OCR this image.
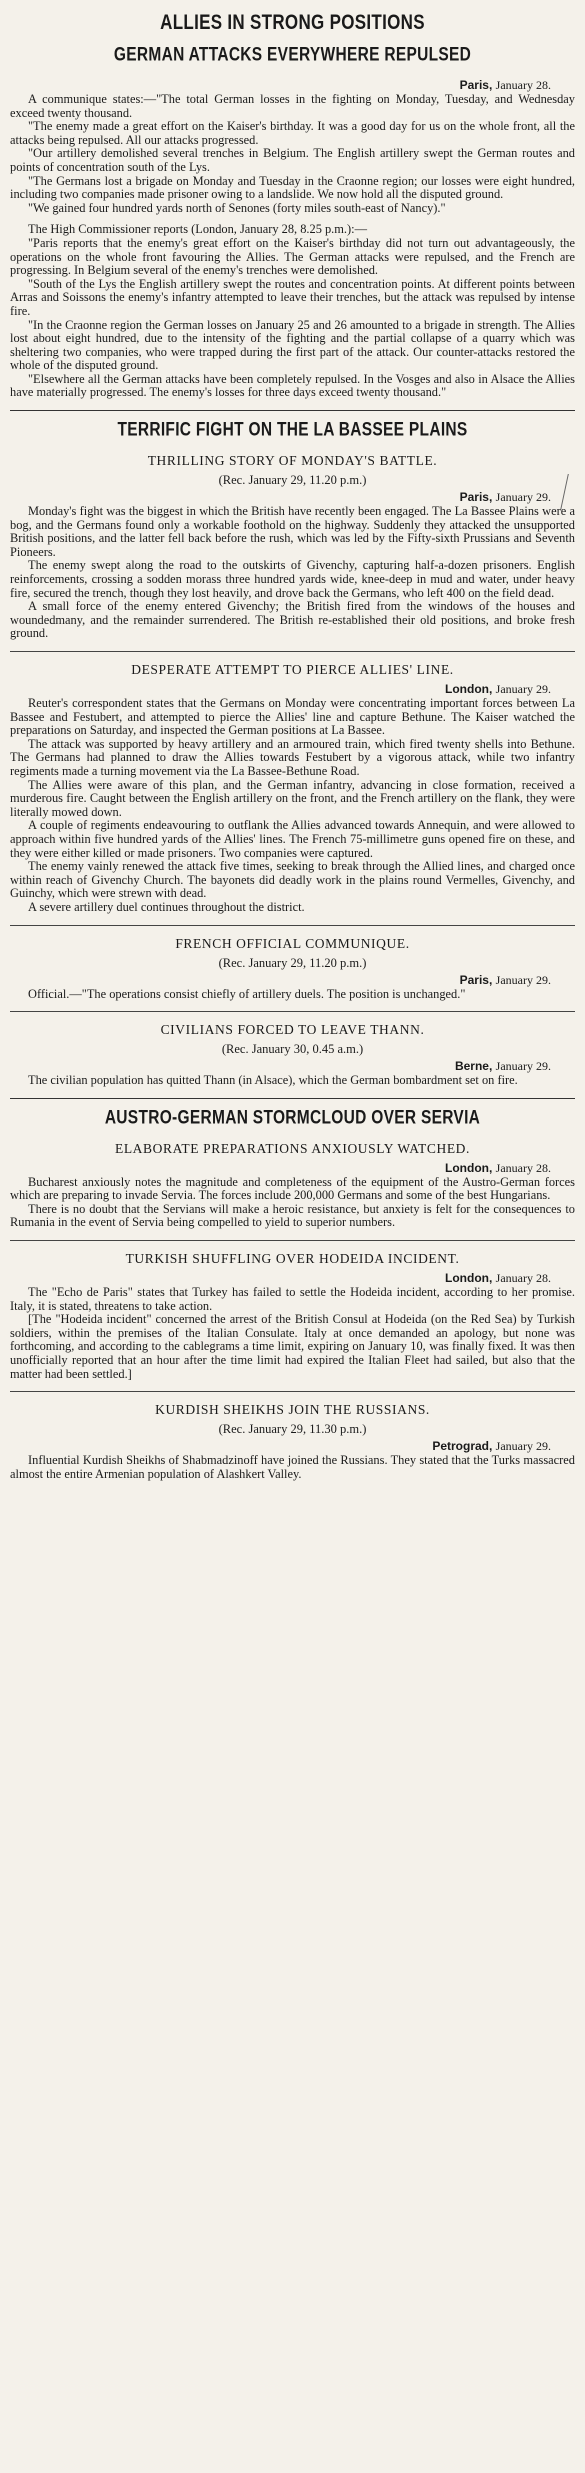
ALLIES IN STRONG POSITIONS
GERMAN ATTACKS EVERYWHERE REPULSED
Paris, January 28.

A communique states:—"The total German losses in the fighting on Monday, Tuesday, and Wednesday exceed twenty thousand.

"The enemy made a great effort on the Kaiser's birthday. It was a good day for us on the whole front, all the attacks being repulsed. All our attacks progressed.

"Our artillery demolished several trenches in Belgium. The English artillery swept the German routes and points of concentration south of the Lys.

"The Germans lost a brigade on Monday and Tuesday in the Craonne region; our losses were eight hundred, including two companies made prisoner owing to a landslide. We now hold all the disputed ground.

"We gained four hundred yards north of Senones (forty miles south-east of Nancy)."

The High Commissioner reports (London, January 28, 8.25 p.m.):—

"Paris reports that the enemy's great effort on the Kaiser's birthday did not turn out advantageously, the operations on the whole front favouring the Allies. The German attacks were repulsed, and the French are progressing. In Belgium several of the enemy's trenches were demolished.

"South of the Lys the English artillery swept the routes and concentration points. At different points between Arras and Soissons the enemy's infantry attempted to leave their trenches, but the attack was repulsed by intense fire.

"In the Craonne region the German losses on January 25 and 26 amounted to a brigade in strength. The Allies lost about eight hundred, due to the intensity of the fighting and the partial collapse of a quarry which was sheltering two companies, who were trapped during the first part of the attack. Our counter-attacks restored the whole of the disputed ground.

"Elsewhere all the German attacks have been completely repulsed. In the Vosges and also in Alsace the Allies have materially progressed. The enemy's losses for three days exceed twenty thousand."

TERRIFIC FIGHT ON THE LA BASSEE PLAINS
THRILLING STORY OF MONDAY'S BATTLE.
(Rec. January 29, 11.20 p.m.)
Paris, January 29.

Monday's fight was the biggest in which the British have recently been engaged. The La Bassee Plains were a bog, and the Germans found only a workable foothold on the highway. Suddenly they attacked the unsupported British positions, and the latter fell back before the rush, which was led by the Fifty-sixth Prussians and Seventh Pioneers.

The enemy swept along the road to the outskirts of Givenchy, capturing half-a-dozen prisoners. English reinforcements, crossing a sodden morass three hundred yards wide, knee-deep in mud and water, under heavy fire, secured the trench, though they lost heavily, and drove back the Germans, who left 400 on the field dead.

A small force of the enemy entered Givenchy; the British fired from the windows of the houses and woundedmany, and the remainder surrendered. The British re-established their old positions, and broke fresh ground.

DESPERATE ATTEMPT TO PIERCE ALLIES' LINE.
London, January 29.

Reuter's correspondent states that the Germans on Monday were concentrating important forces between La Bassee and Festubert, and attempted to pierce the Allies' line and capture Bethune. The Kaiser watched the preparations on Saturday, and inspected the German positions at La Bassee.

The attack was supported by heavy artillery and an armoured train, which fired twenty shells into Bethune. The Germans had planned to draw the Allies towards Festubert by a vigorous attack, while two infantry regiments made a turning movement via the La Bassee-Bethune Road.

The Allies were aware of this plan, and the German infantry, advancing in close formation, received a murderous fire. Caught between the English artillery on the front, and the French artillery on the flank, they were literally mowed down.

A couple of regiments endeavouring to outflank the Allies advanced towards Annequin, and were allowed to approach within five hundred yards of the Allies' lines. The French 75-millimetre guns opened fire on these, and they were either killed or made prisoners. Two companies were captured.

The enemy vainly renewed the attack five times, seeking to break through the Allied lines, and charged once within reach of Givenchy Church. The bayonets did deadly work in the plains round Vermelles, Givenchy, and Guinchy, which were strewn with dead.

A severe artillery duel continues throughout the district.

FRENCH OFFICIAL COMMUNIQUE.
(Rec. January 29, 11.20 p.m.)
Paris, January 29.

Official.—"The operations consist chiefly of artillery duels. The position is unchanged."

CIVILIANS FORCED TO LEAVE THANN.
(Rec. January 30, 0.45 a.m.)
Berne, January 29.

The civilian population has quitted Thann (in Alsace), which the German bombardment set on fire.

AUSTRO-GERMAN STORMCLOUD OVER SERVIA
ELABORATE PREPARATIONS ANXIOUSLY WATCHED.
London, January 28.

Bucharest anxiously notes the magnitude and completeness of the equipment of the Austro-German forces which are preparing to invade Servia. The forces include 200,000 Germans and some of the best Hungarians.

There is no doubt that the Servians will make a heroic resistance, but anxiety is felt for the consequences to Rumania in the event of Servia being compelled to yield to superior numbers.

TURKISH SHUFFLING OVER HODEIDA INCIDENT.
London, January 28.

The "Echo de Paris" states that Turkey has failed to settle the Hodeida incident, according to her promise. Italy, it is stated, threatens to take action.

[The "Hodeida incident" concerned the arrest of the British Consul at Hodeida (on the Red Sea) by Turkish soldiers, within the premises of the Italian Consulate. Italy at once demanded an apology, but none was forthcoming, and according to the cablegrams a time limit, expiring on January 10, was finally fixed. It was then unofficially reported that an hour after the time limit had expired the Italian Fleet had sailed, but also that the matter had been settled.]

KURDISH SHEIKHS JOIN THE RUSSIANS.
(Rec. January 29, 11.30 p.m.)
Petrograd, January 29.

Influential Kurdish Sheikhs of Shabmadzinoff have joined the Russians. They stated that the Turks massacred almost the entire Armenian population of Alashkert Valley.
